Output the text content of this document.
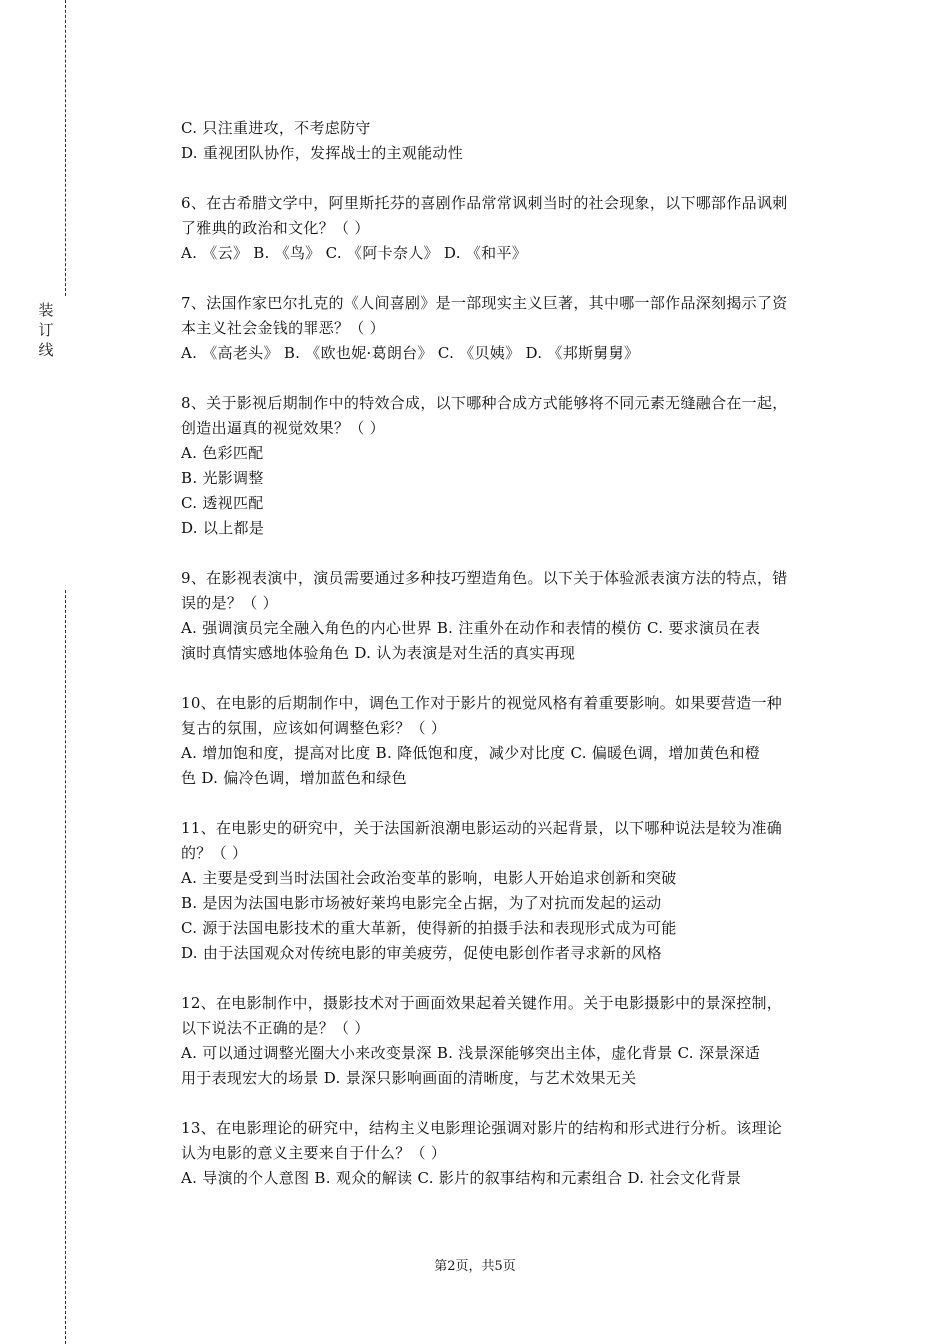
装
订
线
C. 只注重进攻，不考虑防守
D. 重视团队协作，发挥战士的主观能动性
6、在古希腊文学中，阿里斯托芬的喜剧作品常常讽刺当时的社会现象，以下哪部作品讽刺
了雅典的政治和文化？（ ）
A. 《云》 B. 《鸟》 C. 《阿卡奈人》 D. 《和平》
7、法国作家巴尔扎克的《人间喜剧》是一部现实主义巨著，其中哪一部作品深刻揭示了资
本主义社会金钱的罪恶？（ ）
A. 《高老头》 B. 《欧也妮·葛朗台》 C. 《贝姨》 D. 《邦斯舅舅》
8、关于影视后期制作中的特效合成，以下哪种合成方式能够将不同元素无缝融合在一起，
创造出逼真的视觉效果？（ ）
A. 色彩匹配
B. 光影调整
C. 透视匹配
D. 以上都是
9、在影视表演中，演员需要通过多种技巧塑造角色。以下关于体验派表演方法的特点，错
误的是？（ ）
A. 强调演员完全融入角色的内心世界 B. 注重外在动作和表情的模仿 C. 要求演员在表
演时真情实感地体验角色 D. 认为表演是对生活的真实再现
10、在电影的后期制作中，调色工作对于影片的视觉风格有着重要影响。如果要营造一种
复古的氛围，应该如何调整色彩？（ ）
A. 增加饱和度，提高对比度 B. 降低饱和度，减少对比度 C. 偏暖色调，增加黄色和橙
色 D. 偏冷色调，增加蓝色和绿色
11、在电影史的研究中，关于法国新浪潮电影运动的兴起背景，以下哪种说法是较为准确
的？（ ）
A. 主要是受到当时法国社会政治变革的影响，电影人开始追求创新和突破
B. 是因为法国电影市场被好莱坞电影完全占据，为了对抗而发起的运动
C. 源于法国电影技术的重大革新，使得新的拍摄手法和表现形式成为可能
D. 由于法国观众对传统电影的审美疲劳，促使电影创作者寻求新的风格
12、在电影制作中，摄影技术对于画面效果起着关键作用。关于电影摄影中的景深控制，
以下说法不正确的是？（ ）
A. 可以通过调整光圈大小来改变景深 B. 浅景深能够突出主体，虚化背景 C. 深景深适
用于表现宏大的场景 D. 景深只影响画面的清晰度，与艺术效果无关
13、在电影理论的研究中，结构主义电影理论强调对影片的结构和形式进行分析。该理论
认为电影的意义主要来自于什么？（ ）
A. 导演的个人意图 B. 观众的解读 C. 影片的叙事结构和元素组合 D. 社会文化背景
第2页，共5页
